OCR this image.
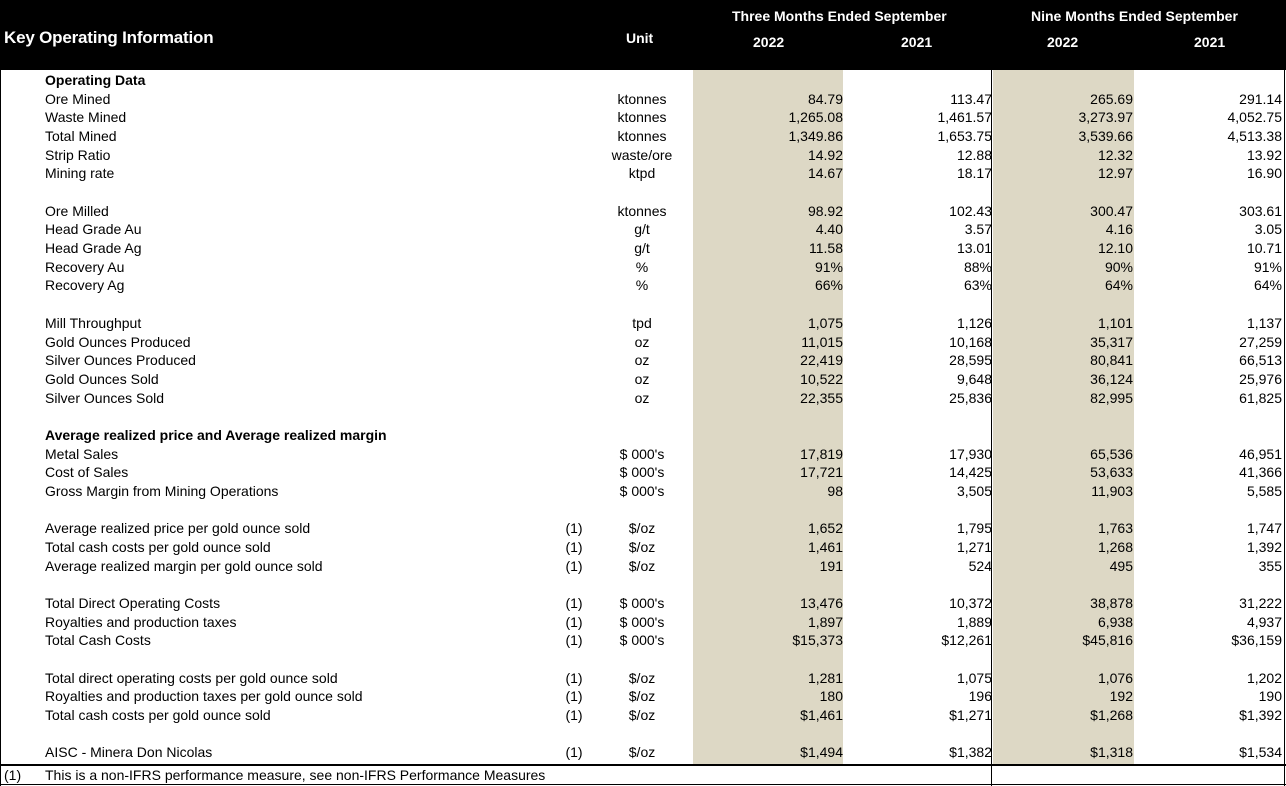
Key Operating Information	Unit
Three Months Ended September	Nine Months Ended September
2022	2021	2022	2021
Operating Data
Ore Mined	ktonnes	84.79	113.47	265.69	291.14
Waste Mined	ktonnes	1,265.08	1,461.57	3,273.97	4,052.75
Total Mined	ktonnes	1,349.86	1,653.75	3,539.66	4,513.38
Strip Ratio	waste/ore	14.92	12.88	12.32	13.92
Mining rate	ktpd	14.67	18.17	12.97	16.90
Ore Milled	ktonnes	98.92	102.43	300.47	303.61
Head Grade Au	g/t	4.40	3.57	4.16	3.05
Head Grade Ag	g/t	11.58	13.01	12.10	10.71
Recovery Au	%	91%	88%	90%	91%
Recovery Ag	%	66%	63%	64%	64%
Mill Throughput	tpd	1,075	1,126	1,101	1,137
Gold Ounces Produced	oz	11,015	10,168	35,317	27,259
Silver Ounces Produced	oz	22,419	28,595	80,841	66,513
Gold Ounces Sold	oz	10,522	9,648	36,124	25,976
Silver Ounces Sold	oz	22,355	25,836	82,995	61,825
Average realized price and Average realized margin
Metal Sales	$ 000's	17,819	17,930	65,536	46,951
Cost of Sales	$ 000's	17,721	14,425	53,633	41,366
Gross Margin from Mining Operations	$ 000's	98	3,505	11,903	5,585
Average realized price per gold ounce sold	(1)	$/oz	1,652	1,795	1,763	1,747
Total cash costs per gold ounce sold	(1)	$/oz	1,461	1,271	1,268	1,392
Average realized margin per gold ounce sold	(1)	$/oz	191	524	495	355
Total Direct Operating Costs	(1)	$ 000's	13,476	10,372	38,878	31,222
Royalties and production taxes	(1)	$ 000's	1,897	1,889	6,938	4,937
Total Cash Costs	(1)	$ 000's	$15,373	$12,261	$45,816	$36,159
Total direct operating costs per gold ounce sold	(1)	$/oz	1,281	1,075	1,076	1,202
Royalties and production taxes per gold ounce sold	(1)	$/oz	180	196	192	190
Total cash costs per gold ounce sold	(1)	$/oz	$1,461	$1,271	$1,268	$1,392
AISC - Minera Don Nicolas	(1)	$/oz	$1,494	$1,382	$1,318	$1,534
(1) This is a non-IFRS performance measure, see non-IFRS Performance Measures
